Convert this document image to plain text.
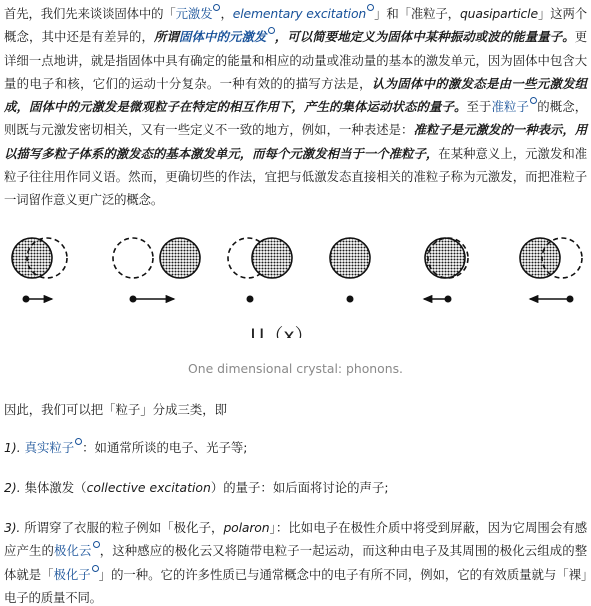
首先，我们先来谈谈固体中的「元激发 ，elementary excitation 」和「准粒子，quasiparticle」这两个概念，其中还是有差异的，所谓固体中的元激发 ，可以简要地定义为固体中某种振动或波的能量量子。更详细一点地讲，就是指固体中具有确定的能量和相应的动量或准动量的基本的激发单元，因为固体中包含大量的电子和核，它们的运动十分复杂。一种有效的的描写方法是，认为固体中的激发态是由一些元激发组成，固体中的元激发是微观粒子在特定的相互作用下，产生的集体运动状态的量子。至于准粒子 的概念，则既与元激发密切相关，又有一些定义不一致的地方，例如，一种表述是：准粒子是元激发的一种表示，用以描写多粒子体系的激发态的基本激发单元，而每个元激发相当于一个准粒子，在某种意义上，元激发和准粒子往往用作同义语。然而，更确切些的作法，宜把与低激发态直接相关的准粒子称为元激发，而把准粒子一词留作意义更广泛的概念。
U（x）
One dimensional crystal: phonons.
因此，我们可以把「粒子」分成三类，即
1). 真实粒子 ：如通常所谈的电子、光子等;
2). 集体激发（collective excitation）的量子：如后面将讨论的声子;
3). 所谓穿了衣服的粒子例如「极化子，polaron」：比如电子在极性介质中将受到屏蔽，因为它周围会有感应产生的极化云 ，这种感应的极化云又将随带电粒子一起运动，而这种由电子及其周围的极化云组成的整体就是「极化子 」的一种。它的许多性质已与通常概念中的电子有所不同，例如，它的有效质量就与「裸」电子的质量不同。
